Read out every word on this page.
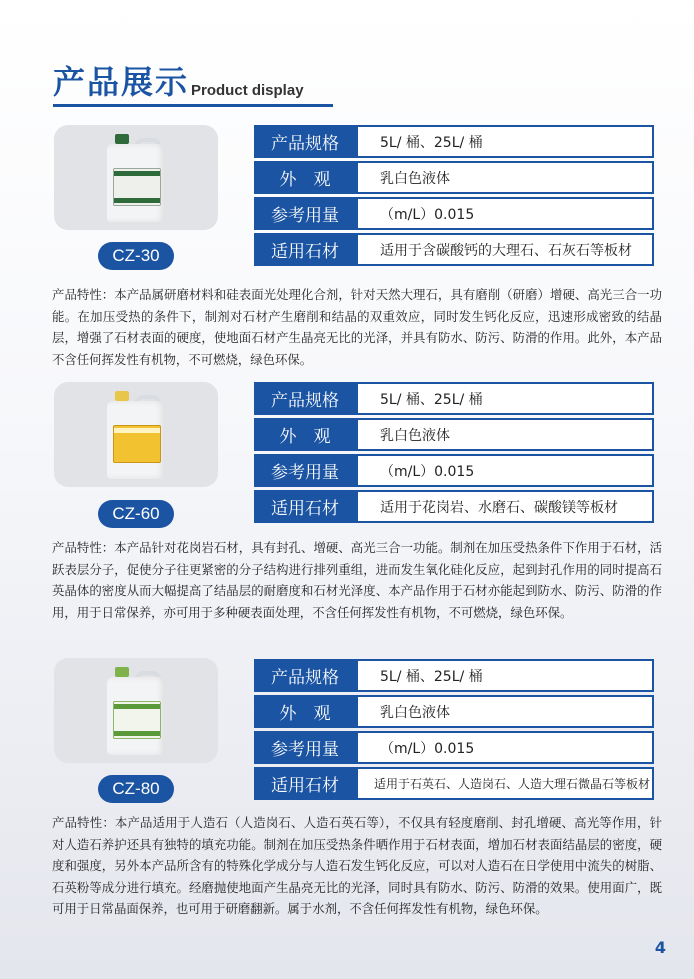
产品展示 Product display
CZ-30
产品规格	5L/ 桶、25L/ 桶
外　观	乳白色液体
参考用量	（m/L）0.015
适用石材	适用于含碳酸钙的大理石、石灰石等板材

产品特性：本产品属研磨材料和硅表面光处理化合剂，针对天然大理石，具有磨削（研磨）增硬、高光三合一功能。在加压受热的条件下，制剂对石材产生磨削和结晶的双重效应，同时发生钙化反应，迅速形成密致的结晶层，增强了石材表面的硬度，使地面石材产生晶亮无比的光泽，并具有防水、防污、防滑的作用。此外，本产品不含任何挥发性有机物，不可燃烧，绿色环保。

CZ-60
产品规格	5L/ 桶、25L/ 桶
外　观	乳白色液体
参考用量	（m/L）0.015
适用石材	适用于花岗岩、水磨石、碳酸镁等板材

产品特性：本产品针对花岗岩石材，具有封孔、增硬、高光三合一功能。制剂在加压受热条件下作用于石材，活跃表层分子，促使分子往更紧密的分子结构进行排列重组，进而发生氧化硅化反应，起到封孔作用的同时提高石英晶体的密度从而大幅提高了结晶层的耐磨度和石材光泽度、本产品作用于石材亦能起到防水、防污、防滑的作用，用于日常保养，亦可用于多种硬表面处理，不含任何挥发性有机物，不可燃烧，绿色环保。

CZ-80
产品规格	5L/ 桶、25L/ 桶
外　观	乳白色液体
参考用量	（m/L）0.015
适用石材	适用于石英石、人造岗石、人造大理石微晶石等板材

产品特性：本产品适用于人造石（人造岗石、人造石英石等），不仅具有轻度磨削、封孔增硬、高光等作用，针对人造石养护还具有独特的填充功能。制剂在加压受热条件晒作用于石材表面，增加石材表面结晶层的密度，硬度和强度，另外本产品所含有的特殊化学成分与人造石发生钙化反应，可以对人造石在日学使用中流失的树脂、石英粉等成分进行填充。经磨抛使地面产生晶亮无比的光泽，同时具有防水、防污、防滑的效果。使用面广，既可用于日常晶面保养，也可用于研磨翻新。属于水剂，不含任何挥发性有机物，绿色环保。

4
